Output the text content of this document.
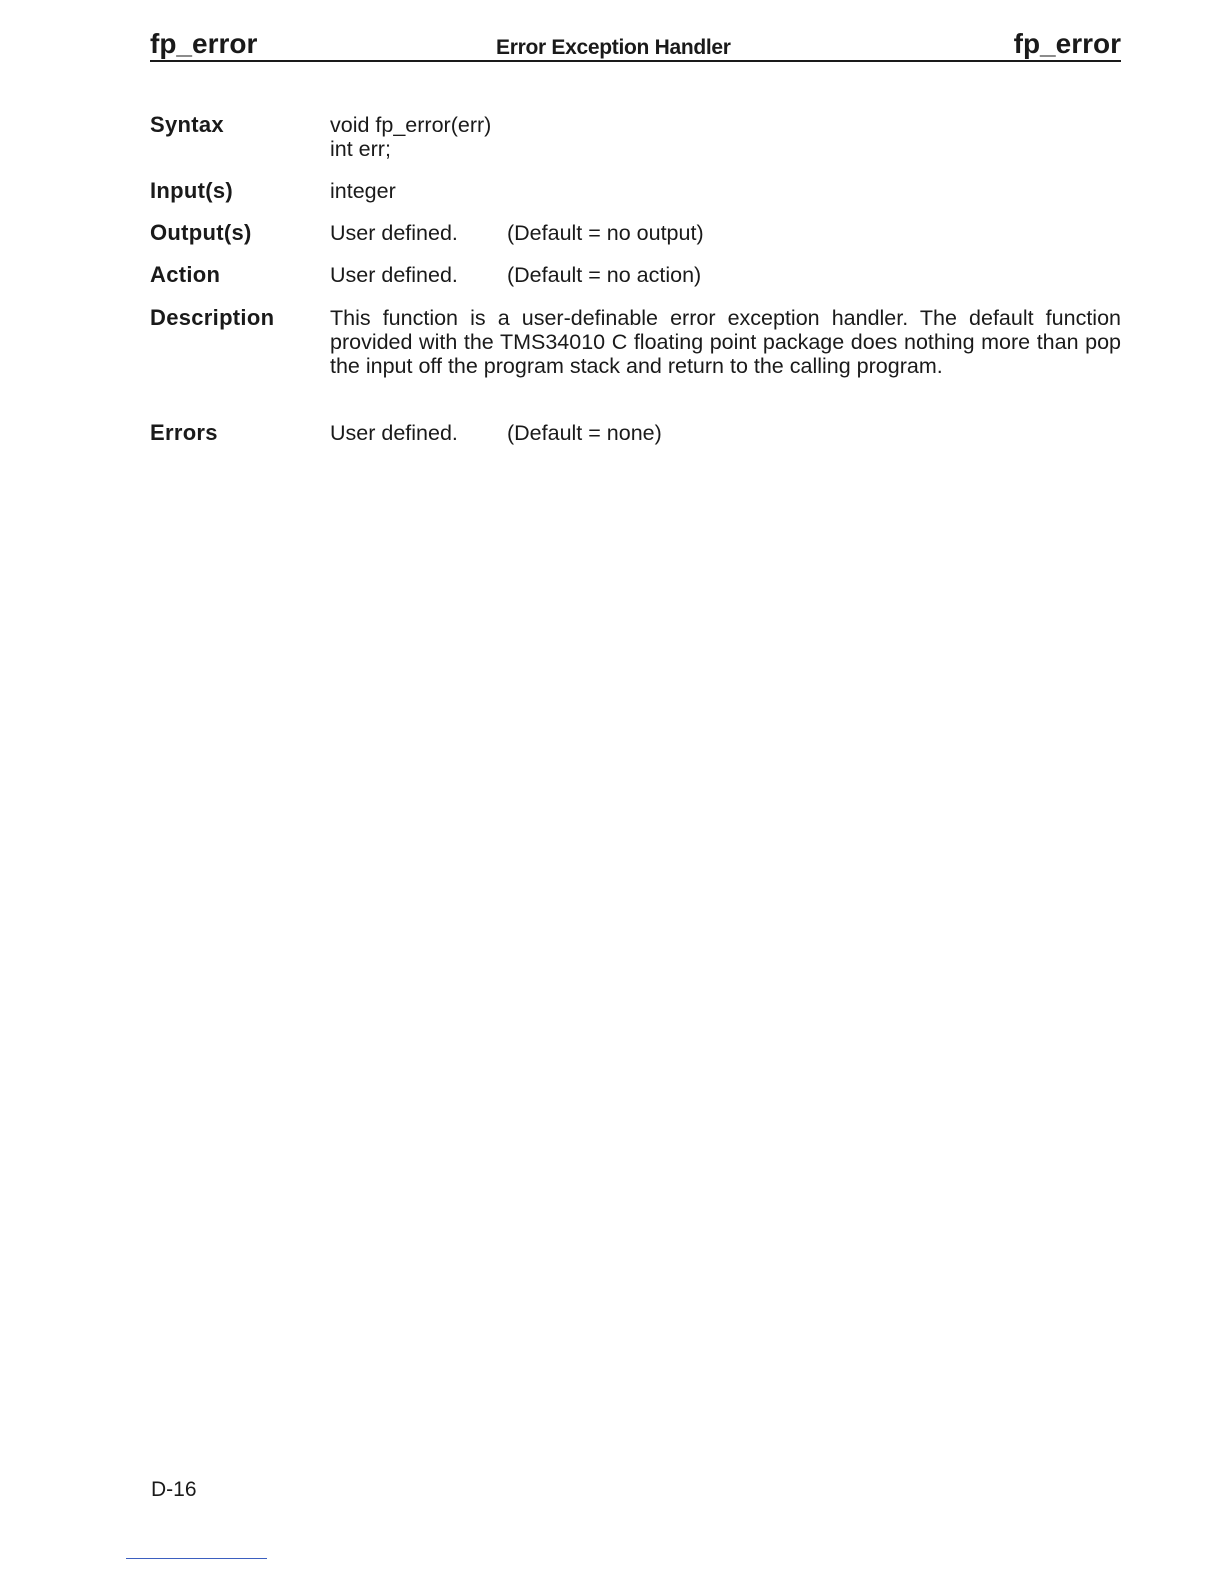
fp_error	Error Exception Handler	fp_error
Syntax	void fp_error(err)
int err;
Input(s)	integer
Output(s)	User defined.	(Default = no output)
Action	User defined.	(Default = no action)
Description	This function is a user-definable error exception handler. The default function provided with the TMS34010 C floating point package does nothing more than pop the input off the program stack and return to the calling program.
Errors	User defined.	(Default = none)
D-16
